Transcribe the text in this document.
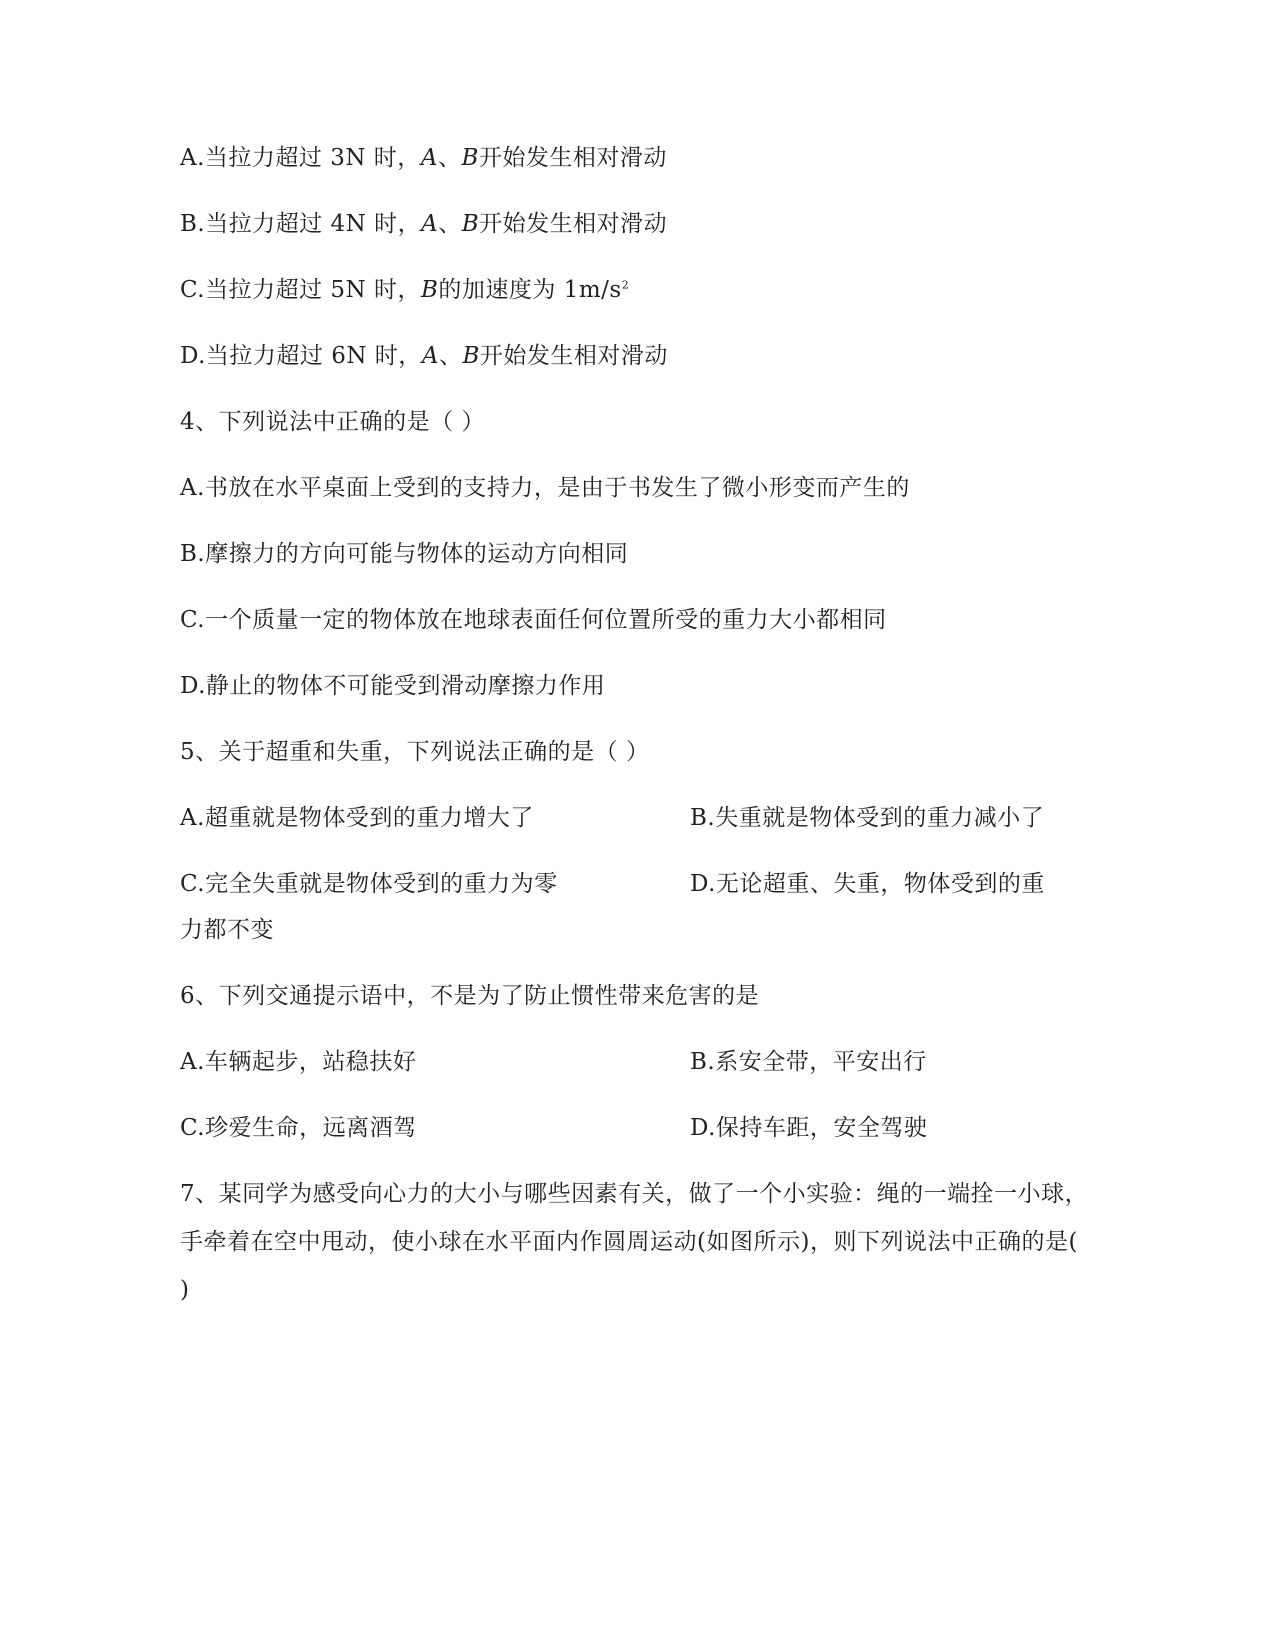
A.当拉力超过 3N 时，A、B开始发生相对滑动
B.当拉力超过 4N 时，A、B开始发生相对滑动
C.当拉力超过 5N 时，B的加速度为 $1m/s^2$
D.当拉力超过 6N 时，A、B开始发生相对滑动
4、下列说法中正确的是（ ）
A.书放在水平桌面上受到的支持力，是由于书发生了微小形变而产生的
B.摩擦力的方向可能与物体的运动方向相同
C.一个质量一定的物体放在地球表面任何位置所受的重力大小都相同
D.静止的物体不可能受到滑动摩擦力作用
5、关于超重和失重，下列说法正确的是（ ）
A.超重就是物体受到的重力增大了	B.失重就是物体受到的重力减小了
C.完全失重就是物体受到的重力为零	D.无论超重、失重，物体受到的重
力都不变
6、下列交通提示语中，不是为了防止惯性带来危害的是
A.车辆起步，站稳扶好	B.系安全带，平安出行
C.珍爱生命，远离酒驾	D.保持车距，安全驾驶
7、某同学为感受向心力的大小与哪些因素有关，做了一个小实验：绳的一端拴一小球，手牵着在空中甩动，使小球在水平面内作圆周运动(如图所示)，则下列说法中正确的是( )
